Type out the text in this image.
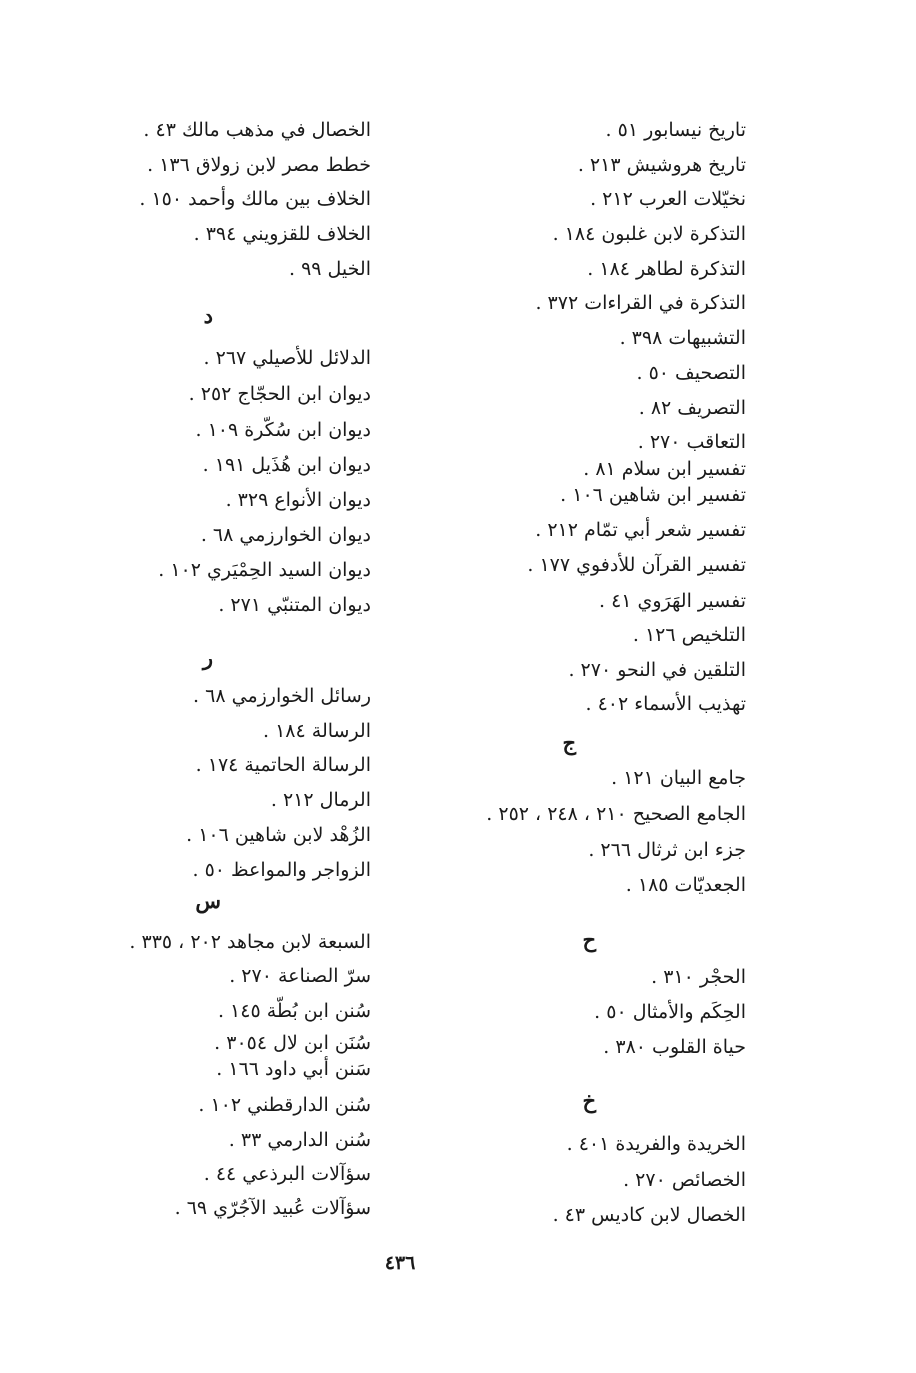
تاريخ نيسابور ٥١ .
تاريخ هروشيش ٢١٣ .
نخيّلات العرب ٢١٢ .
التذكرة لابن غلبون ١٨٤ .
التذكرة لطاهر ١٨٤ .
التذكرة في القراءات ٣٧٢ .
التشبيهات ٣٩٨ .
التصحيف ٥٠ .
التصريف ٨٢ .
التعاقب ٢٧٠ .
تفسير ابن سلام ٨١ .
تفسير ابن شاهين ١٠٦ .
تفسير شعر أبي تمّام ٢١٢ .
تفسير القرآن للأدفوي ١٧٧ .
تفسير الهَرَوي ٤١ .
التلخيص ١٢٦ .
التلقين في النحو ٢٧٠ .
تهذيب الأسماء ٤٠٢ .
ج
جامع البيان ١٢١ .
الجامع الصحيح ٢١٠ ، ٢٤٨ ، ٢٥٢ .
جزء ابن ثرثال ٢٦٦ .
الجعديّات ١٨٥ .
ح
الحجْر ٣١٠ .
الحِكَم والأمثال ٥٠ .
حياة القلوب ٣٨٠ .
خ
الخريدة والفريدة ٤٠١ .
الخصائص ٢٧٠ .
الخصال لابن كاديس ٤٣ .
الخصال في مذهب مالك ٤٣ .
خطط مصر لابن زولاق ١٣٦ .
الخلاف بين مالك وأحمد ١٥٠ .
الخلاف للقزويني ٣٩٤ .
الخيل ٩٩ .
د
الدلائل للأصيلي ٢٦٧ .
ديوان ابن الحجّاج ٢٥٢ .
ديوان ابن سُكّرة ١٠٩ .
ديوان ابن هُذَيل ١٩١ .
ديوان الأنواع ٣٢٩ .
ديوان الخوارزمي ٦٨ .
ديوان السيد الحِمْيَري ١٠٢ .
ديوان المتنبّي ٢٧١ .
ر
رسائل الخوارزمي ٦٨ .
الرسالة ١٨٤ .
الرسالة الحاتمية ١٧٤ .
الرمال ٢١٢ .
الزُهْد لابن شاهين ١٠٦ .
الزواجر والمواعظ ٥٠ .
س
السبعة لابن مجاهد ٢٠٢ ، ٣٣٥ .
سرّ الصناعة ٢٧٠ .
سُنن ابن بُطّة ١٤٥ .
سُنَن ابن لال ٣٠٥٤ .
سَنن أبي داود ١٦٦ .
سُنن الدارقطني ١٠٢ .
سُنن الدارمي ٣٣ .
سؤآلات البرذعي ٤٤ .
سؤآلات عُبيد الآجُرّي ٦٩ .
٤٣٦
